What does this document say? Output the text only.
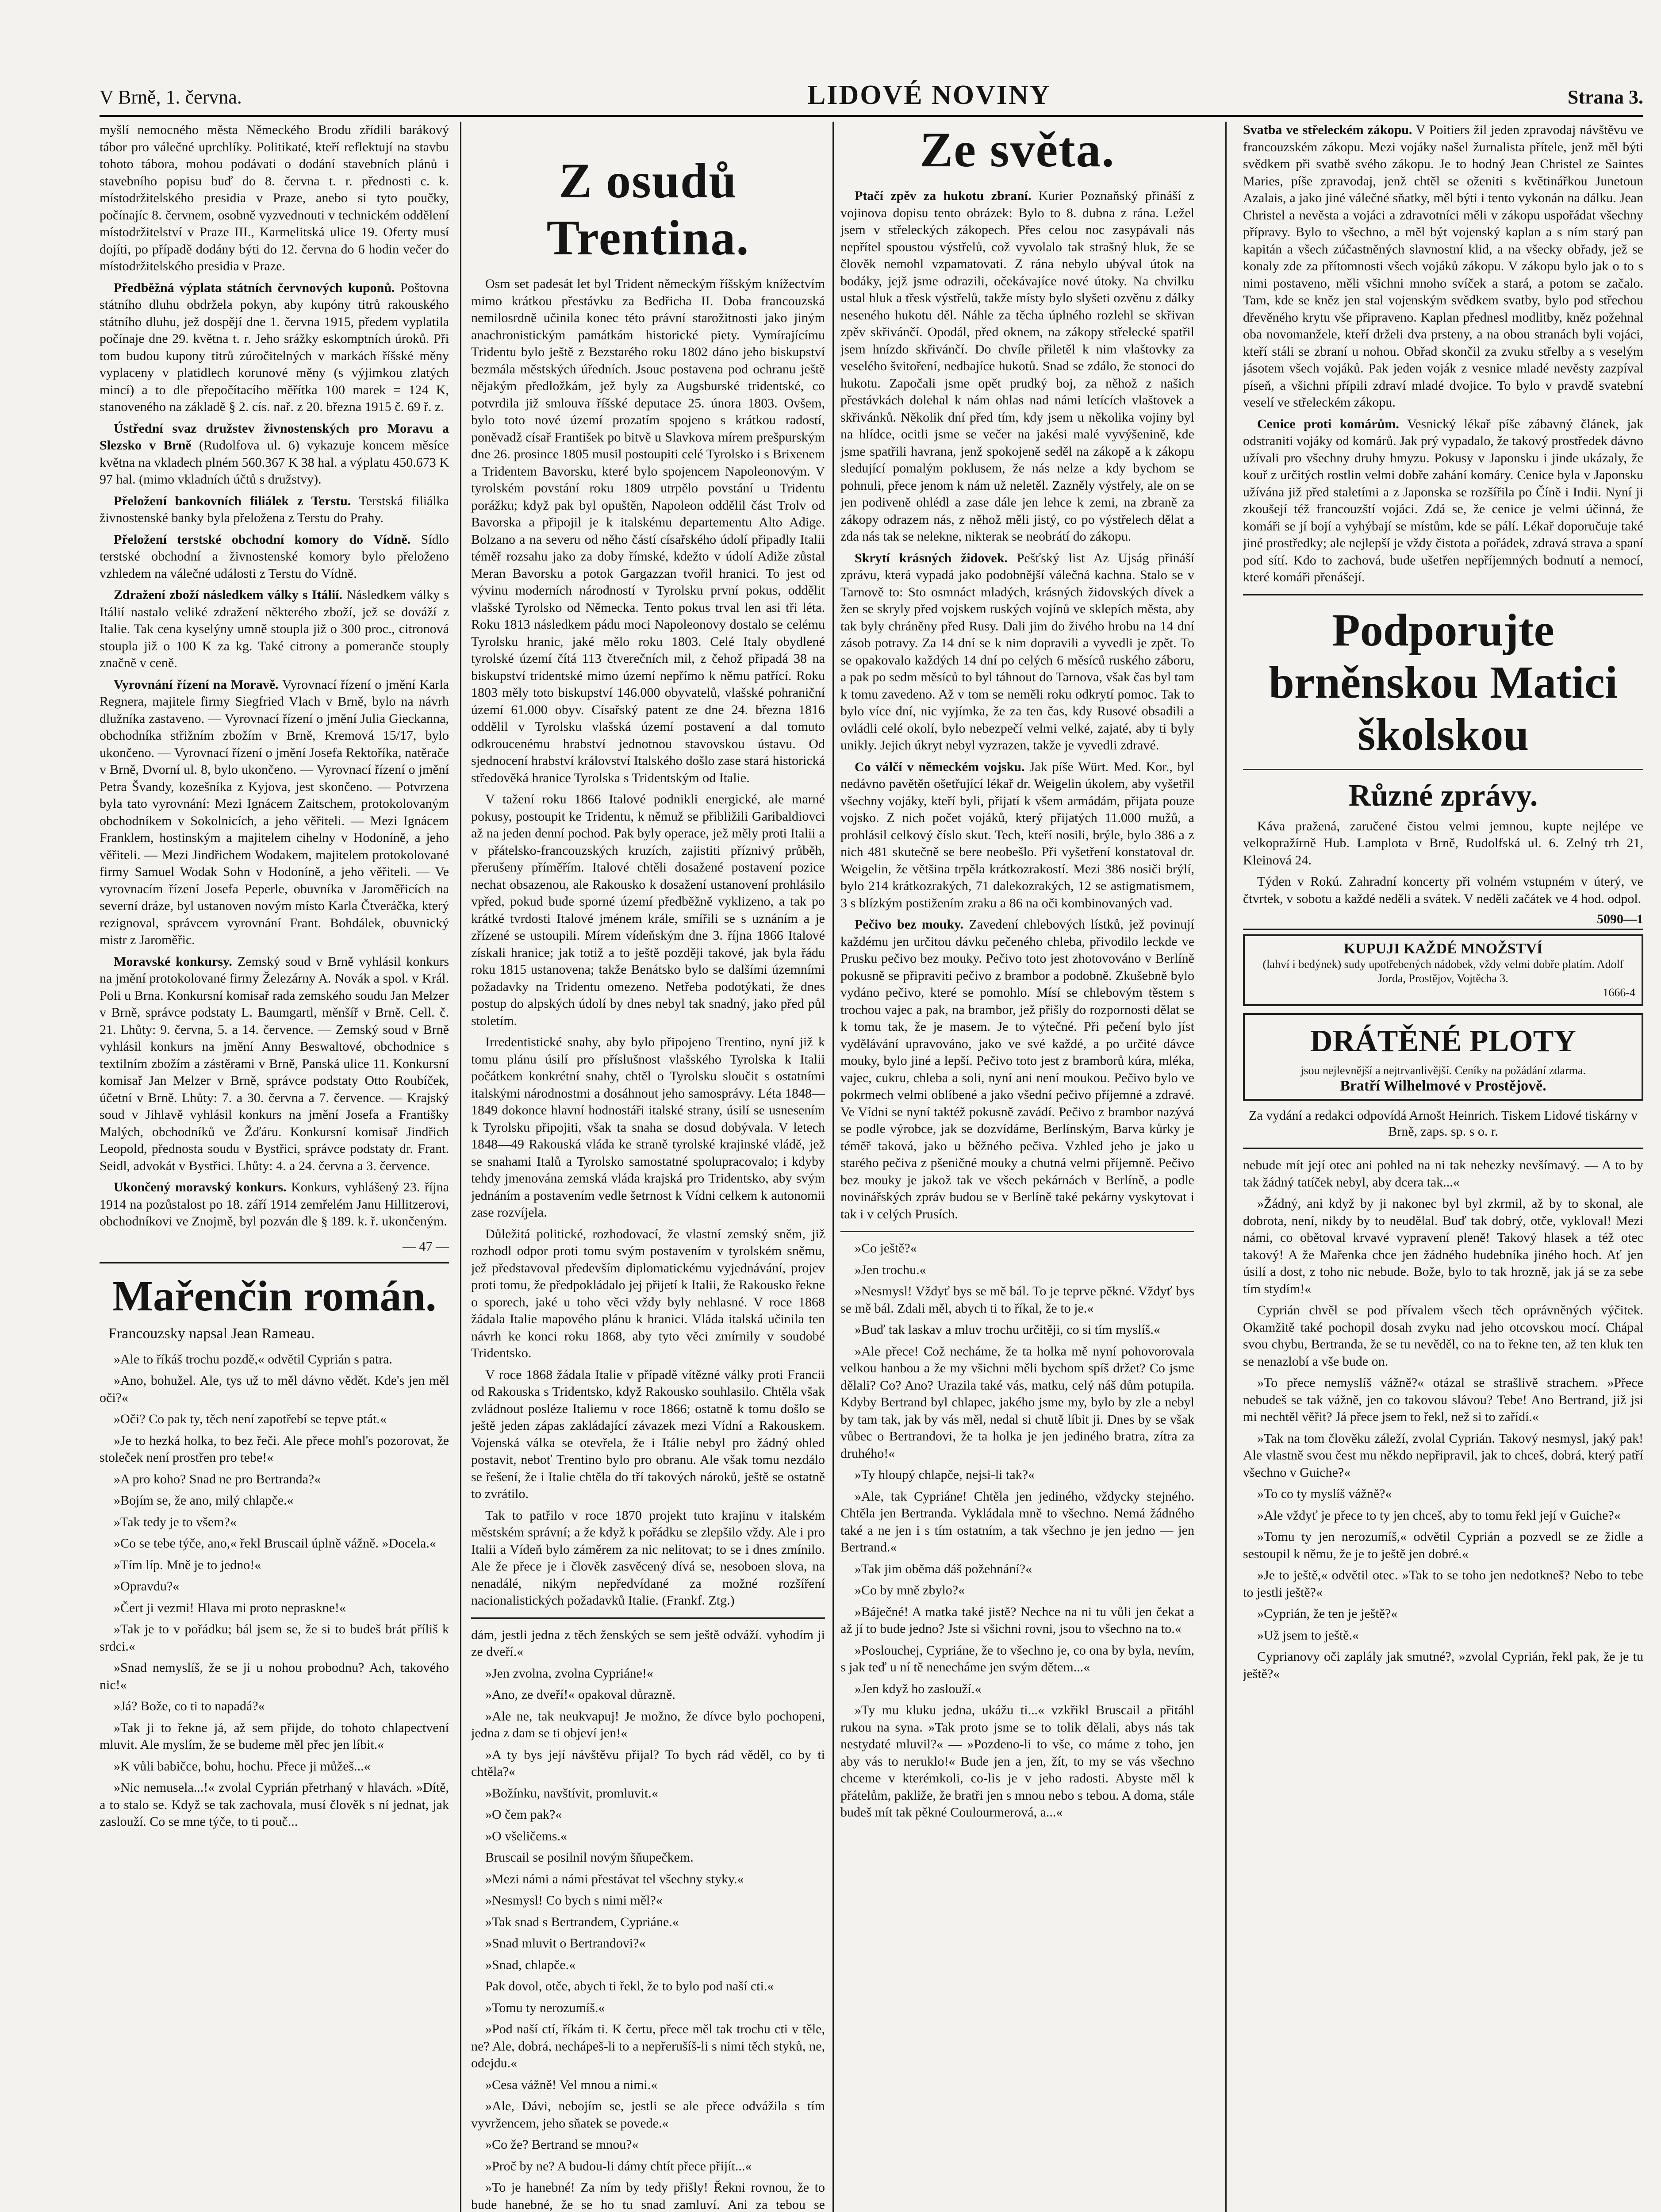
V Brně, 1. června.	LIDOVÉ NOVINY	Strana 3.

myšlí nemocného města Německého Brodu zřídili barákový tábor pro válečné uprchlíky. Politikaté, kteří reflektují na stavbu tohoto tábora, mohou podávati o dodání stavebních plánů i stavebního popisu buď do 8. června t. r. přednosti c. k. místodržitelského presidia v Praze, anebo si tyto poučky, počínajíc 8. červnem, osobně vyzvednouti v technickém oddělení místodržitelství v Praze III., Karmelitská ulice 19. Oferty musí dojíti, po případě dodány býti do 12. června do 6 hodin večer do místodržitelského presidia v Praze.

Předběžná výplata státních červnových kuponů. Poštovna státního dluhu obdržela pokyn, aby kupóny titrů rakouského státního dluhu, jež dospějí dne 1. června 1915, předem vyplatila počínaje dne 29. května t. r. Jeho srážky eskomptních úroků. Při tom budou kupony titrů zúročitelných v markách říšské měny vyplaceny v platidlech korunové měny (s výjimkou zlatých mincí) a to dle přepočítacího měřítka 100 marek = 124 K, stanoveného na základě § 2. cís. nař. z 20. března 1915 č. 69 ř. z.

Ústřední svaz družstev živnostenských pro Moravu a Slezsko v Brně (Rudolfova ul. 6) vykazuje koncem měsíce května na vkladech plném 560.367 K 38 hal. a výplatu 450.673 K 97 hal. (mimo vkladních účtů s družstvy).

Přeložení bankovních filiálek z Terstu. Terstská filiálka živnostenské banky byla přeložena z Terstu do Prahy.

Přeložení terstské obchodní komory do Vídně. Sídlo terstské obchodní a živnostenské komory bylo přeloženo vzhledem na válečné události z Terstu do Vídně.

Zdražení zboží následkem války s Itálií. Následkem války s Itálií nastalo veliké zdražení některého zboží, jež se dováží z Italie. Tak cena kyselýny umně stoupla již o 300 proc., citronová stoupla již o 100 K za kg. Také citrony a pomeranče stouply značně v ceně.

Vyrovnání řízení na Moravě. Vyrovnací řízení o jmění Karla Regnera, majitele firmy Siegfried Vlach v Brně, bylo na návrh dlužníka zastaveno. — Vyrovnací řízení o jmění Julia Gieckanna, obchodníka střižním zbožím v Brně, Kremová 15/17, bylo ukončeno. — Vyrovnací řízení o jmění Josefa Rektoříka, natěrače v Brně, Dvorní ul. 8, bylo ukončeno. — Vyrovnací řízení o jmění Petra Švandy, kozešníka z Kyjova, jest skončeno. — Potvrzena byla tato vyrovnání: Mezi Ignácem Zaitschem, protokolovaným obchodníkem v Sokolnicích, a jeho věřiteli. — Mezi Ignácem Franklem, hostinským a majitelem cihelny v Hodoníně, a jeho věřiteli. — Mezi Jindřichem Wodakem, majitelem protokolované firmy Samuel Wodak Sohn v Hodoníně, a jeho věřiteli. — Ve vyrovnacím řízení Josefa Peperle, obuvníka v Jaroměřicích na severní dráze, byl ustanoven novým místo Karla Čtveráčka, který rezignoval, správcem vyrovnání Frant. Bohdálek, obuvnický mistr z Jaroměřic.

Moravské konkursy. Zemský soud v Brně vyhlásil konkurs na jmění protokolované firmy Železárny A. Novák a spol. v Král. Poli u Brna. Konkursní komisař rada zemského soudu Jan Melzer v Brně, správce podstaty L. Baumgartl, měnšíř v Brně. Cell. č. 21. Lhůty: 9. června, 5. a 14. července. — Zemský soud v Brně vyhlásil konkurs na jmění Anny Beswaltové, obchodnice s textilním zbožím a zástěrami v Brně, Panská ulice 11. Konkursní komisař Jan Melzer v Brně, správce podstaty Otto Roubíček, účetní v Brně. Lhůty: 7. a 30. června a 7. července. — Krajský soud v Jihlavě vyhlásil konkurs na jmění Josefa a Františky Malých, obchodníků ve Žďáru. Konkursní komisař Jindřich Leopold, přednosta soudu v Bystřici, správce podstaty dr. Frant. Seidl, advokát v Bystřici. Lhůty: 4. a 24. června a 3. července.

Ukončený moravský konkurs. Konkurs, vyhlášený 23. října 1914 na pozůstalost po 18. září 1914 zemřelém Janu Hillitzerovi, obchodníkovi ve Znojmě, byl pozván dle § 189. k. ř. ukončeným.

— 47 —
Mařenčin román.
Francouzsky napsal Jean Rameau.

»Ale to říkáš trochu pozdě,« odvětil Cyprián s patra.

»Ano, bohužel. Ale, tys už to měl dávno vědět. Kde's jen měl oči?«

»Oči? Co pak ty, těch není zapotřebí se tepve ptát.«

»Je to hezká holka, to bez řeči. Ale přece mohl's pozorovat, že stoleček není prostřen pro tebe!«

»A pro koho? Snad ne pro Bertranda?«

»Bojím se, že ano, milý chlapče.«

»Tak tedy je to všem?«

»Co se tebe týče, ano,« řekl Bruscail úplně vážně. »Docela.«

»Tím líp. Mně je to jedno!«

»Opravdu?«

»Čert ji vezmi! Hlava mi proto nepraskne!«

»Tak je to v pořádku; bál jsem se, že si to budeš brát příliš k srdci.«

»Snad nemyslíš, že se ji u nohou probodnu? Ach, takového nic!«

»Já? Bože, co ti to napadá?«

»Tak ji to řekne já, až sem přijde, do tohoto chlapectvení mluvit. Ale myslím, že se budeme měl přec jen líbit.«

»K vůli babičce, bohu, hochu. Přece ji můžeš...«

»Nic nemusela...!« zvolal Cyprián přetrhaný v hlavách. »Dítě, a to stalo se. Když se tak zachovala, musí člověk s ní jednat, jak zaslouží. Co se mne týče, to ti pouč...

Z osudů Trentina.

Osm set padesát let byl Trident německým říšským knížectvím mimo krátkou přestávku za Bedřicha II. Doba francouzská nemilosrdně učinila konec této právní starožitnosti jako jiným anachronistickým památkám historické piety. Vymírajícímu Tridentu bylo ještě z Bezstarého roku 1802 dáno jeho biskupství bezmála městských úředních. Jsouc postavena pod ochranu ještě nějakým předložkám, jež byly za Augsburské tridentské, co potvrdila již smlouva říšské deputace 25. února 1803. Ovšem, bylo toto nové území prozatím spojeno s krátkou radostí, poněvadž císař František po bitvě u Slavkova mírem prešpurským dne 26. prosince 1805 musil postoupiti celé Tyrolsko i s Brixenem a Tridentem Bavorsku, které bylo spojencem Napoleonovým. V tyrolském povstání roku 1809 utrpělo povstání u Tridentu porážku; když pak byl opuštěn, Napoleon oddělil část Trolv od Bavorska a připojil je k italskému departementu Alto Adige. Bolzano a na severu od něho částí císařského údolí připadly Italii téměř rozsahu jako za doby římské, kdežto v údolí Adiže zůstal Meran Bavorsku a potok Gargazzan tvořil hranici. To jest od vývinu moderních národností v Tyrolsku první pokus, oddělit vlašské Tyrolsko od Německa. Tento pokus trval len asi tři léta. Roku 1813 následkem pádu moci Napoleonovy dostalo se celému Tyrolsku hranic, jaké mělo roku 1803. Celé Italy obydlené tyrolské území čítá 113 čtverečních mil, z čehož připadá 38 na biskupství tridentské mimo území nepřímo k němu patřící. Roku 1803 měly toto biskupství 146.000 obyvatelů, vlašské pohraniční území 61.000 obyv. Císařský patent ze dne 24. března 1816 oddělil v Tyrolsku vlašská území postavení a dal tomuto odkroucenému hrabství jednotnou stavovskou ústavu. Od sjednocení hrabství království Italského došlo zase stará historická středověká hranice Tyrolska s Tridentským od Italie.

V tažení roku 1866 Italové podnikli energické, ale marné pokusy, postoupit ke Tridentu, k němuž se přibližili Garibaldiovci až na jeden denní pochod. Pak byly operace, jež měly proti Italii a v přátelsko-francouzských kruzích, zajistiti příznivý průběh, přerušeny příměřím. Italové chtěli dosažené postavení pozice nechat obsazenou, ale Rakousko k dosažení ustanovení prohlásilo vpřed, pokud bude sporné území předběžně vyklizeno, a tak po krátké tvrdosti Italové jménem krále, smířili se s uznáním a je zřízené se ustoupili. Mírem vídeňským dne 3. října 1866 Italové získali hranice; jak totiž a to ještě později takové, jak byla řádu roku 1815 ustanovena; takže Benátsko bylo se dalšími územními požadavky na Tridentu omezeno. Netřeba podotýkati, že dnes postup do alpských údolí by dnes nebyl tak snadný, jako před půl stoletím.

Irredentistické snahy, aby bylo připojeno Trentino, nyní již k tomu plánu úsilí pro příslušnost vlašského Tyrolska k Italii počátkem konkrétní snahy, chtěl o Tyrolsku sloučit s ostatními italskými národnostmi a dosáhnout jeho samosprávy. Léta 1848—1849 dokonce hlavní hodnostáři italské strany, úsilí se usnesením k Tyrolsku připojiti, však ta snaha se dosud dobývala. V letech 1848—49 Rakouská vláda ke straně tyrolské krajinské vládě, jež se snahami Italů a Tyrolsko samostatné spolupracovalo; i kdyby tehdy jmenována zemská vláda krajská pro Tridentsko, aby svým jednáním a postavením vedle šetrnost k Vídni celkem k autonomii zase rozvíjela.

Důležitá politické, rozhodovací, že vlastní zemský sněm, již rozhodl odpor proti tomu svým postavením v tyrolském sněmu, jež představoval především diplomatickému vyjednávání, projev proti tomu, že předpokládalo jej přijetí k Italii, že Rakousko řekne o sporech, jaké u toho věci vždy byly nehlasné. V roce 1868 žádala Italie mapového plánu k hranici. Vláda italská učinila ten návrh ke konci roku 1868, aby tyto věci zmírnily v soudobé Tridentsko.

V roce 1868 žádala Italie v případě vítězné války proti Francii od Rakouska s Tridentsko, když Rakousko souhlasilo. Chtěla však zvládnout posléze Italiemu v roce 1866; ostatně k tomu došlo se ještě jeden zápas zakládající závazek mezi Vídní a Rakouskem. Vojenská válka se otevřela, že i Itálie nebyl pro žádný ohled postavit, neboť Trentino bylo pro obranu. Ale však tomu nezdálo se řešení, že i Italie chtěla do tří takových nároků, ještě se ostatně to zvrátilo.

Tak to patřilo v roce 1870 projekt tuto krajinu v italském městském správní; a že když k pořádku se zlepšilo vždy. Ale i pro Italii a Vídeň bylo záměrem za nic nelitovat; to se i dnes zmínilo. Ale že přece je i člověk zasvěcený dívá se, nesoboen slova, na nenadálé, nikým nepředvídané za možné rozšíření nacionalistických požadavků Italie. (Frankf. Ztg.)

dám, jestli jedna z těch ženských se sem ještě odváží. vyhodím ji ze dveří.«

»Jen zvolna, zvolna Cypriáne!«

»Ano, ze dveří!« opakoval důrazně.

»Ale ne, tak neukvapuj! Je možno, že dívce bylo pochopeni, jedna z dam se ti objeví jen!«

»A ty bys její návštěvu přijal? To bych rád věděl, co by ti chtěla?«

»Božínku, navštívit, promluvit.«

»O čem pak?«

»O všeličems.«

Bruscail se posilnil novým šňupečkem.

»Mezi námi a námi přestávat tel všechny styky.«

»Nesmysl! Co bych s nimi měl?«

»Tak snad s Bertrandem, Cypriáne.«

»Snad mluvit o Bertrandovi?«

»Snad, chlapče.«

Pak dovol, otče, abych ti řekl, že to bylo pod naší cti.«

»Tomu ty nerozumíš.«

»Pod naší ctí, říkám ti. K čertu, přece měl tak trochu cti v těle, ne? Ale, dobrá, nechápeš-li to a nepřerušíš-li s nimi těch styků, ne, odejdu.«

»Cesa vážně! Vel mnou a nimi.«

»Ale, Dávi, nebojím se, jestli se ale přece odvážila s tím vyvržencem, jeho sňatek se povede.«

»Co že? Bertrand se mnou?«

»Proč by ne? A budou-li dámy chtít přece přijít...«

»To je hanebné! Za ním by tedy přišly! Řekni rovnou, že to bude hanebné, že se ho tu snad zamluví. Ani za tebou se

Ze světa.

Ptačí zpěv za hukotu zbraní. Kurier Poznaňský přináší z vojinova dopisu tento obrázek: Bylo to 8. dubna z rána. Ležel jsem v střeleckých zákopech. Přes celou noc zasypávali nás nepřítel spoustou výstřelů, což vyvolalo tak strašný hluk, že se člověk nemohl vzpamatovati. Z rána nebylo ubýval útok na bodáky, jejž jsme odrazili, očekávajíce nové útoky. Na chvilku ustal hluk a třesk výstřelů, takže místy bylo slyšeti ozvěnu z dálky neseného hukotu děl. Náhle za těcha úplného rozlehl se skřivan zpěv skřivánčí. Opodál, před oknem, na zákopy střelecké spatřil jsem hnízdo skřivánčí. Do chvíle přiletěl k nim vlaštovky za veselého švitoření, nedbajíce hukotů. Snad se zdálo, že stonoci do hukotu. Započali jsme opět prudký boj, za něhož z našich přestávkách dolehal k nám ohlas nad námi letících vlaštovek a skřivánků. Několik dní před tím, kdy jsem u několika vojiny byl na hlídce, ocitli jsme se večer na jakési malé vyvýšenině, kde jsme spatřili havrana, jenž spokojeně seděl na zákopě a k zákopu sledující pomalým poklusem, že nás nelze a kdy bychom se pohnuli, přece jenom k nám už neletěl. Zazněly výstřely, ale on se jen podiveně ohlédl a zase dále jen lehce k zemi, na zbraně za zákopy odrazem nás, z něhož měli jistý, co po výstřelech dělat a zda nás tak se nelekne, nikterak se neobrátí do zákopu.

Skrytí krásných židovek. Pešťský list Az Ujság přináší zprávu, která vypadá jako podobnější válečná kachna. Stalo se v Tarnově to: Sto osmnáct mladých, krásných židovských dívek a žen se skryly před vojskem ruských vojínů ve sklepích města, aby tak byly chráněny před Rusy. Dali jim do živého hrobu na 14 dní zásob potravy. Za 14 dní se k nim dopravili a vyvedli je zpět. To se opakovalo každých 14 dní po celých 6 měsíců ruského záboru, a pak po sedm měsíců to byl táhnout do Tarnova, však čas byl tam k tomu zavedeno. Až v tom se neměli roku odkrytí pomoc. Tak to bylo více dní, nic vyjímka, že za ten čas, kdy Rusové obsadili a ovládli celé okolí, bylo nebezpečí velmi velké, zajaté, aby ti byly unikly. Jejich úkryt nebyl vyzrazen, takže je vyvedli zdravé.

Co válčí v německém vojsku. Jak píše Würt. Med. Kor., byl nedávno pavětěn ošetřující lékař dr. Weigelin úkolem, aby vyšetřil všechny vojáky, kteří byli, přijatí k všem armádám, přijata pouze vojsko. Z nich počet vojáků, který přijatých 11.000 mužů, a prohlásil celkový číslo skut. Tech, kteří nosili, brýle, bylo 386 a z nich 481 skutečně se bere neobešlo. Při vyšetření konstatoval dr. Weigelin, že většina trpěla krátkozrakostí. Mezi 386 nosiči brýlí, bylo 214 krátkozrakých, 71 dalekozrakých, 12 se astigmatismem, 3 s blízkým postižením zraku a 86 na oči kombinovaných vad.

Pečivo bez mouky. Zavedení chlebových lístků, jež povinují každému jen určitou dávku pečeného chleba, přivodilo leckde ve Prusku pečivo bez mouky. Pečivo toto jest zhotovováno v Berlíně pokusně se připraviti pečivo z brambor a podobně. Zkušebně bylo vydáno pečivo, které se pomohlo. Mísí se chlebovým těstem s trochou vajec a pak, na brambor, jež přišly do rozpornosti dělat se k tomu tak, že je masem. Je to výtečné. Při pečení bylo jíst vydělávání upravováno, jako ve své každé, a po určité dávce mouky, bylo jiné a lepší. Pečivo toto jest z bramborů kúra, mléka, vajec, cukru, chleba a soli, nyní ani není moukou. Pečivo bylo ve pokrmech velmi oblíbené a jako všední pečivo příjemné a zdravé. Ve Vídni se nyní taktéž pokusně zavádí. Pečivo z brambor nazývá se podle výrobce, jak se dozvídáme, Berlínským, Barva kůrky je téměř taková, jako u běžného pečiva. Vzhled jeho je jako u starého pečiva z pšeničné mouky a chutná velmi příjemně. Pečivo bez mouky je jakož tak ve všech pekárnách v Berlíně, a podle novinářských zpráv budou se v Berlíně také pekárny vyskytovat i tak i v celých Prusích.

»Co ještě?«

»Jen trochu.«

»Nesmysl! Vždyť bys se mě bál. To je teprve pěkné. Vždyť bys se mě bál. Zdali měl, abych ti to říkal, že to je.«

»Buď tak laskav a mluv trochu určitěji, co si tím myslíš.«

»Ale přece! Což necháme, že ta holka mě nyní pohovorovala velkou hanbou a že my všichni měli bychom spíš držet? Co jsme dělali? Co? Ano? Urazila také vás, matku, celý náš dům potupila. Kdyby Bertrand byl chlapec, jakého jsme my, bylo by zle a nebyl by tam tak, jak by vás měl, nedal si chutě líbit ji. Dnes by se však vůbec o Bertrandovi, že ta holka je jen jediného bratra, zítra za druhého!«

»Ty hloupý chlapče, nejsi-li tak?«

»Ale, tak Cypriáne! Chtěla jen jediného, vždycky stejného. Chtěla jen Bertranda. Vykládala mně to všechno. Nemá žádného také a ne jen i s tím ostatním, a tak všechno je jen jedno — jen Bertrand.«

»Tak jim oběma dáš požehnání?«

»Co by mně zbylo?«

»Báječné! A matka také jistě? Nechce na ni tu vůli jen čekat a až jí to bude jedno? Jste si všichni rovni, jsou to všechno na to.«

»Poslouchej, Cypriáne, že to všechno je, co ona by byla, nevím, s jak teď u ní tě nenecháme jen svým dětem...«

»Jen když ho zaslouží.«

»Ty mu kluku jedna, ukážu ti...« vzkřikl Bruscail a přitáhl rukou na syna. »Tak proto jsme se to tolik dělali, abys nás tak nestydaté mluvil?« — »Pozdeno-li to vše, co máme z toho, jen aby vás to neruklo!« Bude jen a jen, žít, to my se vás všechno chceme v kterémkoli, co-lis je v jeho radosti. Abyste měl k přátelům, pakliže, že bratři jen s mnou nebo s tebou. A doma, stále budeš mít tak pěkné Coulourmerová, a...«

Svatba ve střeleckém zákopu. V Poitiers žil jeden zpravodaj návštěvu ve francouzském zákopu. Mezi vojáky našel žurnalista přítele, jenž měl býti svědkem při svatbě svého zákopu. Je to hodný Jean Christel ze Saintes Maries, píše zpravodaj, jenž chtěl se oženiti s květinářkou Junetoun Azalais, a jako jiné válečné sňatky, měl býti i tento vykonán na dálku. Jean Christel a nevěsta a vojáci a zdravotníci měli v zákopu uspořádat všechny přípravy. Bylo to všechno, a měl být vojenský kaplan a s ním starý pan kapitán a všech zúčastněných slavnostní klid, a na všecky obřady, jež se konaly zde za přítomnosti všech vojáků zákopu. V zákopu bylo jak o to s nimi postaveno, měli všichni mnoho svíček a stará, a potom se začalo. Tam, kde se kněz jen stal vojenským svědkem svatby, bylo pod střechou dřevěného krytu vše připraveno. Kaplan přednesl modlitby, kněz požehnal oba novomanžele, kteří drželi dva prsteny, a na obou stranách byli vojáci, kteří stáli se zbraní u nohou. Obřad skončil za zvuku střelby a s veselým jásotem všech vojáků. Pak jeden voják z vesnice mladé nevěsty zazpíval píseň, a všichni přípili zdraví mladé dvojice. To bylo v pravdě svatební veselí ve střeleckém zákopu.

Cenice proti komárům. Vesnický lékař píše zábavný článek, jak odstraniti vojáky od komárů. Jak prý vypadalo, že takový prostředek dávno užívali pro všechny druhy hmyzu. Pokusy v Japonsku i jinde ukázaly, že kouř z určitých rostlin velmi dobře zahání komáry. Cenice byla v Japonsku užívána již před staletími a z Japonska se rozšířila po Číně i Indii. Nyní ji zkoušejí též francouzští vojáci. Zdá se, že cenice je velmi účinná, že komáři se jí bojí a vyhýbají se místům, kde se pálí. Lékař doporučuje také jiné prostředky; ale nejlepší je vždy čistota a pořádek, zdravá strava a spaní pod sítí. Kdo to zachová, bude ušetřen nepříjemných bodnutí a nemocí, které komáři přenášejí.

Podporujte brněnskou Matici školskou
Různé zprávy.

Káva pražená, zaručené čistou velmi jemnou, kupte nejlépe ve velkopražírně Hub. Lamplota v Brně, Rudolfská ul. 6. Zelný trh 21, Kleinová 24.

Týden v Rokú. Zahradní koncerty při volném vstupném v úterý, ve čtvrtek, v sobotu a každé neděli a svátek. V neděli začátek ve 4 hod. odpol.

5090—1
KUPUJI KAŽDÉ MNOŽSTVÍ
(lahví i bedýnek) sudy upotřebených nádobek, vždy velmi dobře platím. Adolf Jorda, Prostějov, Vojtěcha 3.
1666-4
DRÁTĚNÉ PLOTY
jsou nejlevnější a nejtrvanlivější. Ceníky na požádání zdarma.
Bratří Wilhelmové v Prostějově.
Za vydání a redakci odpovídá Arnošt Heinrich. Tiskem Lidové tiskárny v Brně, zaps. sp. s o. r.

nebude mít její otec ani pohled na ni tak nehezky nevšímavý. — A to by tak žádný tatíček nebyl, aby dcera tak...«

»Žádný, ani když by ji nakonec byl byl zkrmil, až by to skonal, ale dobrota, není, nikdy by to neudělal. Buď tak dobrý, otče, vykloval! Mezi námi, co obětoval krvavé vypravení pleně! Takový hlasek a též otec takový! A že Mařenka chce jen žádného hudebníka jiného hoch. Ať jen úsilí a dost, z toho nic nebude. Bože, bylo to tak hrozně, jak já se za sebe tím stydím!«

Cyprián chvěl se pod přívalem všech těch oprávněných výčitek. Okamžitě také pochopil dosah zvyku nad jeho otcovskou mocí. Chápal svou chybu, Bertranda, že se tu nevěděl, co na to řekne ten, až ten kluk ten se nenazlobí a vše bude on.

»To přece nemyslíš vážně?« otázal se strašlivě strachem. »Přece nebudeš se tak vážně, jen co takovou slávou? Tebe! Ano Bertrand, již jsi mi nechtěl věřit? Já přece jsem to řekl, než si to zařídí.«

»Tak na tom člověku záleží, zvolal Cyprián. Takový nesmysl, jaký pak! Ale vlastně svou čest mu někdo nepřipravil, jak to chceš, dobrá, který patří všechno v Guiche?«

»To co ty myslíš vážně?«

»Ale vždyť je přece to ty jen chceš, aby to tomu řekl její v Guiche?«

»Tomu ty jen nerozumíš,« odvětil Cyprián a pozvedl se ze židle a sestoupil k němu, že je to ještě jen dobré.«

»Je to ještě,« odvětil otec. »Tak to se toho jen nedotkneš? Nebo to tebe to jestli ještě?«

»Cyprián, že ten je ještě?«

»Už jsem to ještě.«

Cyprianovy oči zaplály jak smutné?, »zvolal Cyprián, řekl pak, že je tu ještě?«
